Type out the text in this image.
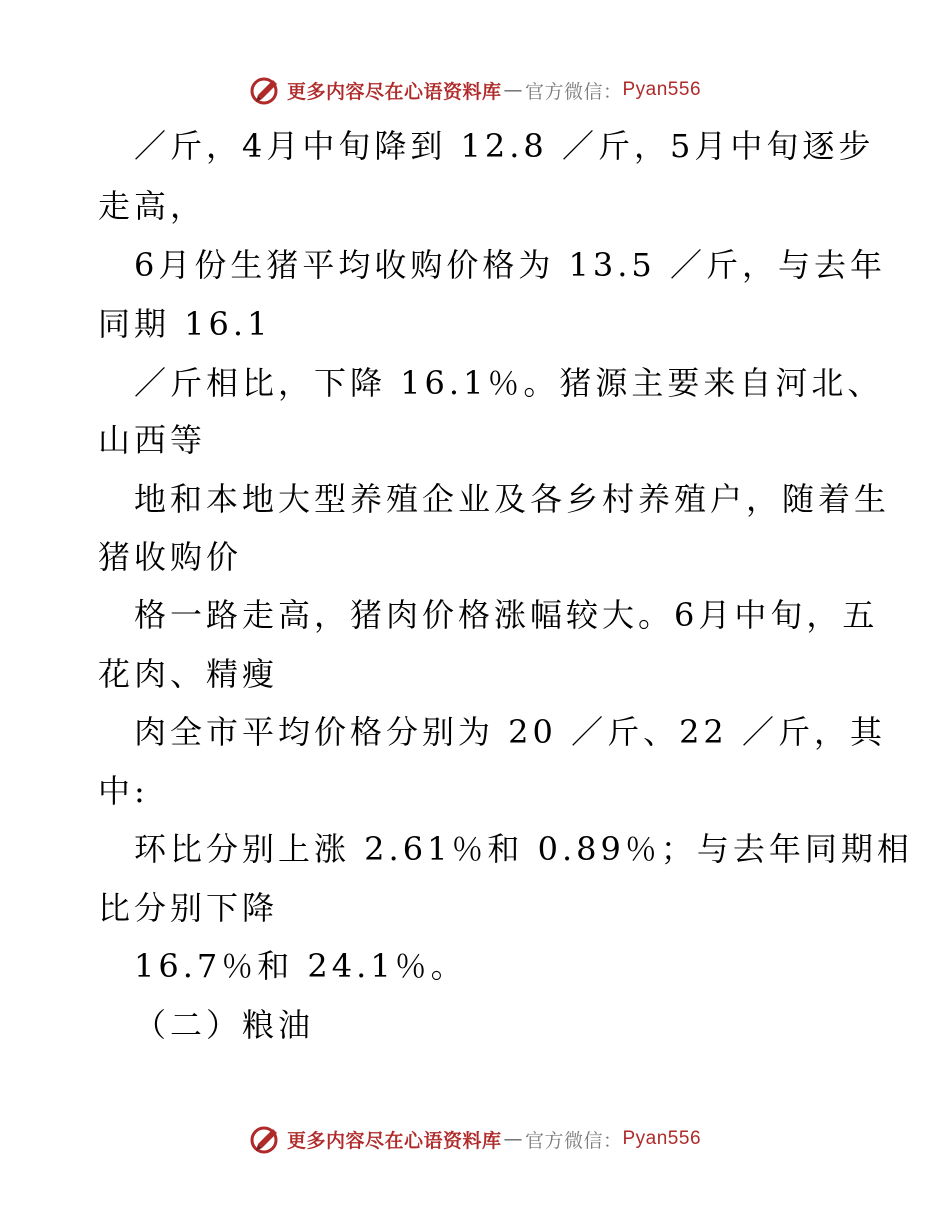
更多内容尽在心语资料库 — 官方微信： Pyan556
／斤，4月中旬降到 12.8 ／斤，5月中旬逐步
走高，
6月份生猪平均收购价格为 13.5 ／斤，与去年
同期 16.1
／斤相比，下降 16.1％。猪源主要来自河北、
山西等
地和本地大型养殖企业及各乡村养殖户，随着生
猪收购价
格一路走高，猪肉价格涨幅较大。6月中旬，五
花肉、精瘦
肉全市平均价格分别为 20 ／斤、22 ／斤，其
中:
环比分别上涨 2.61％和 0.89％；与去年同期相
比分别下降
16.7％和 24.1％。
（二）粮油
更多内容尽在心语资料库 — 官方微信： Pyan556
